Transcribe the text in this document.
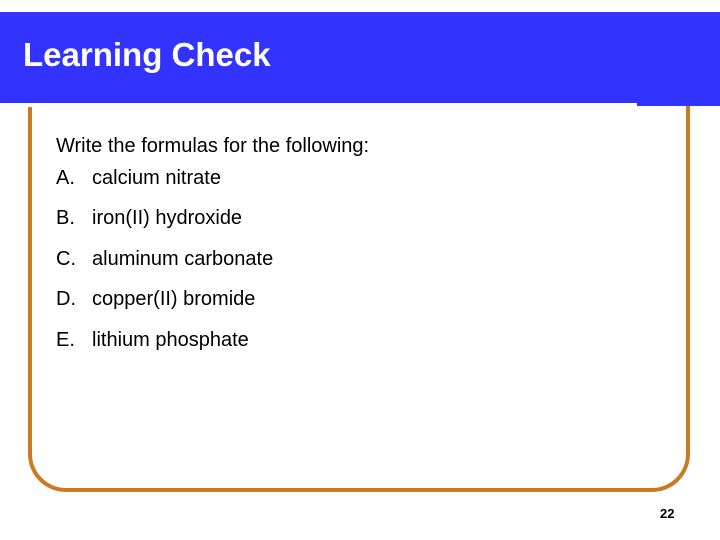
Learning Check
Write the formulas for the following:
A. calcium nitrate
B. iron(II) hydroxide
C. aluminum carbonate
D. copper(II) bromide
E. lithium phosphate
22
